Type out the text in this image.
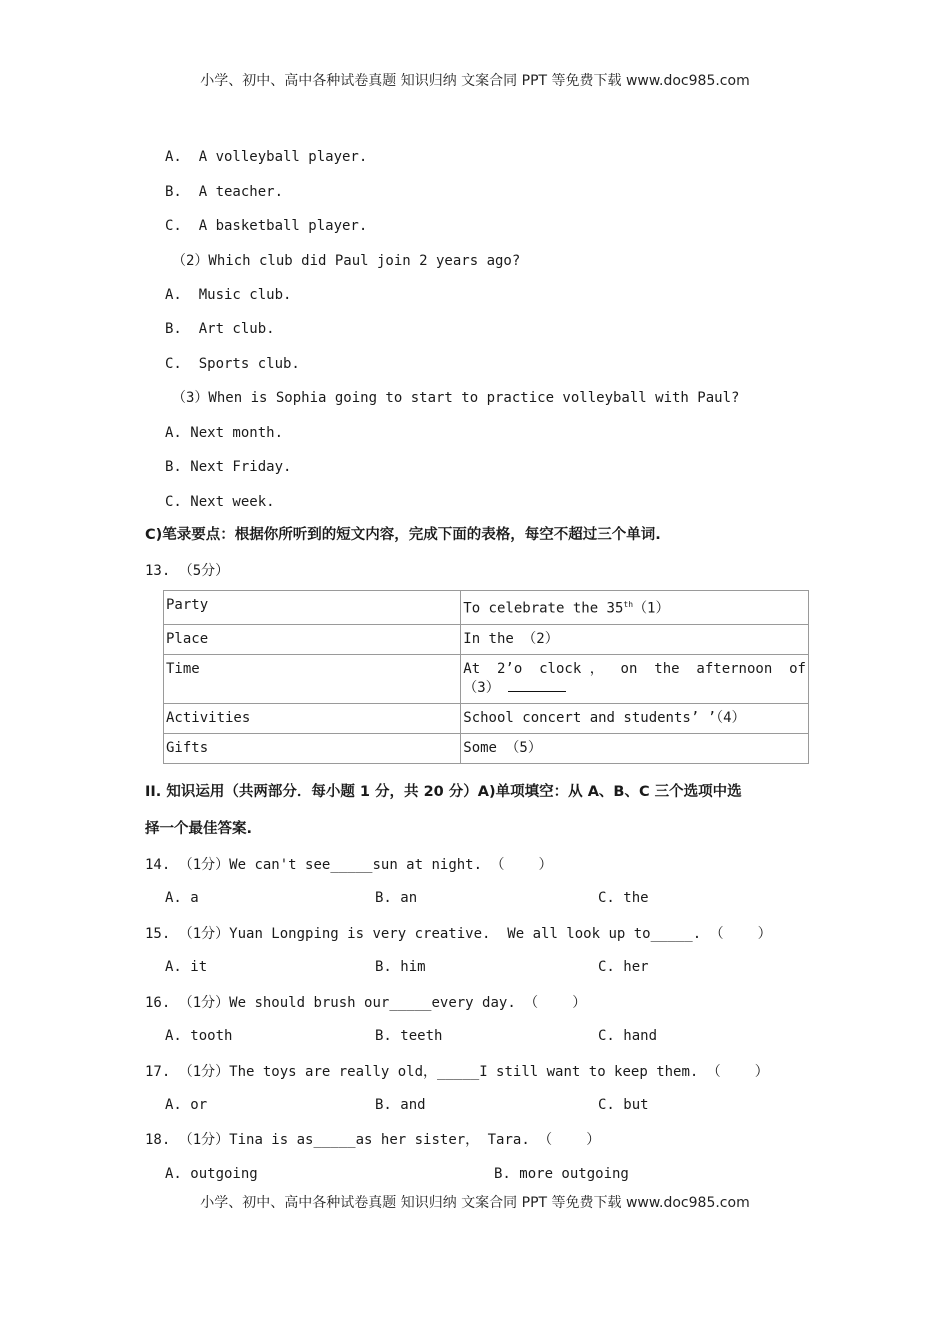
小学、初中、高中各种试卷真题 知识归纳 文案合同 PPT 等免费下载 www.doc985.com
A.  A volleyball player.
B.  A teacher.
C.  A basketball player.
（2）Which club did Paul join 2 years ago?
A.  Music club.
B.  Art club.
C.  Sports club.
（3）When is Sophia going to start to practice volleyball with Paul?
A. Next month.
B. Next Friday.
C. Next week.
C)笔录要点：根据你所听到的短文内容，完成下面的表格，每空不超过三个单词.
13. （5分）
Party	To celebrate the 35th（1）
Place	In the （2）
Time	At  2’o  clock ，  on  the  afternoon  of
（3）

Activities	School concert and students’ ’（4）
Gifts	Some （5）
II. 知识运用（共两部分．每小题 1 分，共 20 分）A)单项填空：从 A、B、C 三个选项中选
择一个最佳答案.
14. （1分）We can't see_____sun at night. （ ）
A. a	B. an	C. the
15. （1分）Yuan Longping is very creative.  We all look up to_____. （ ）
A. it	B. him	C. her
16. （1分）We should brush our_____every day. （ ）
A. tooth	B. teeth	C. hand
17. （1分）The toys are really old，_____I still want to keep them. （ ）
A. or	B. and	C. but
18. （1分）Tina is as_____as her sister， Tara. （ ）
A. outgoing	B. more outgoing
小学、初中、高中各种试卷真题 知识归纳 文案合同 PPT 等免费下载 www.doc985.com
